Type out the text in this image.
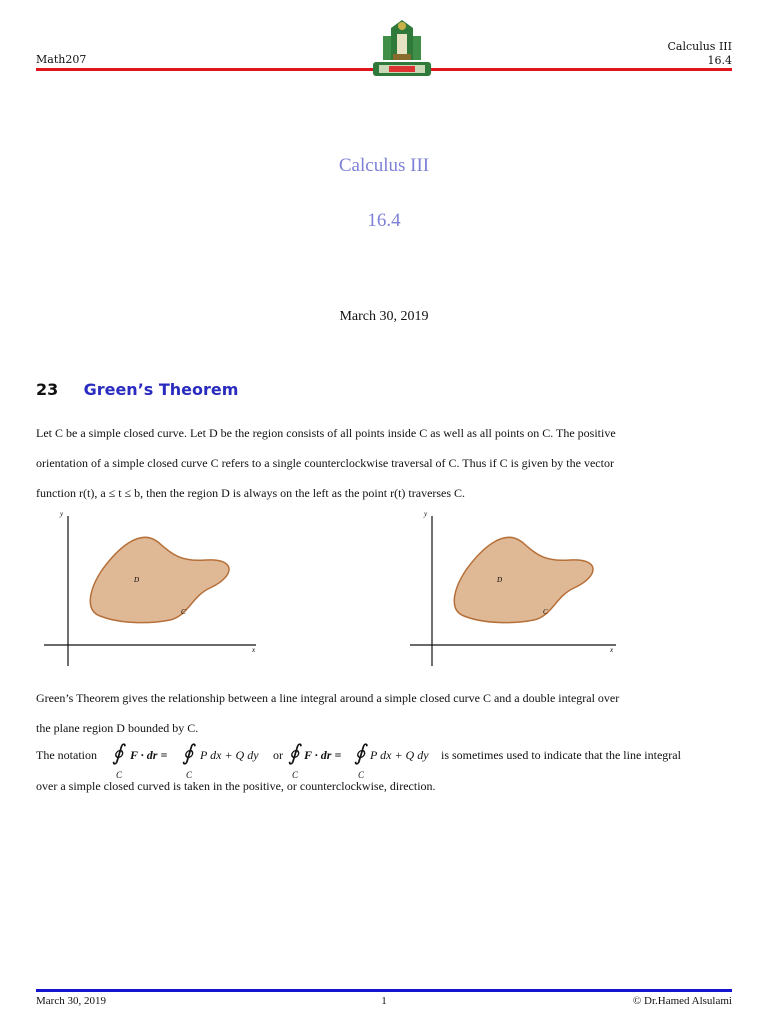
Math207
Calculus III
16.4
Calculus III
16.4
March 30, 2019
23 Green’s Theorem
Let C be a simple closed curve. Let D be the region consists of all points inside C as well as all points on C. The positive
orientation of a simple closed curve C refers to a single counterclockwise traversal of C. Thus if C is given by the vector
function r(t), a ≤ t ≤ b, then the region D is always on the left as the point r(t) traverses C.
y
x
D
C
y
x
D
C
Green’s Theorem gives the relationship between a line integral around a simple closed curve C and a double integral over
the plane region D bounded by C.
The notation ∮
C
F · dr = ∮
C
P dx + Q dy or ∮
C
F · dr = ∮
C
P dx + Q dy is sometimes used to indicate that the line integral
over a simple closed curved is taken in the positive, or counterclockwise, direction.
March 30, 2019	1	© Dr.Hamed Alsulami
